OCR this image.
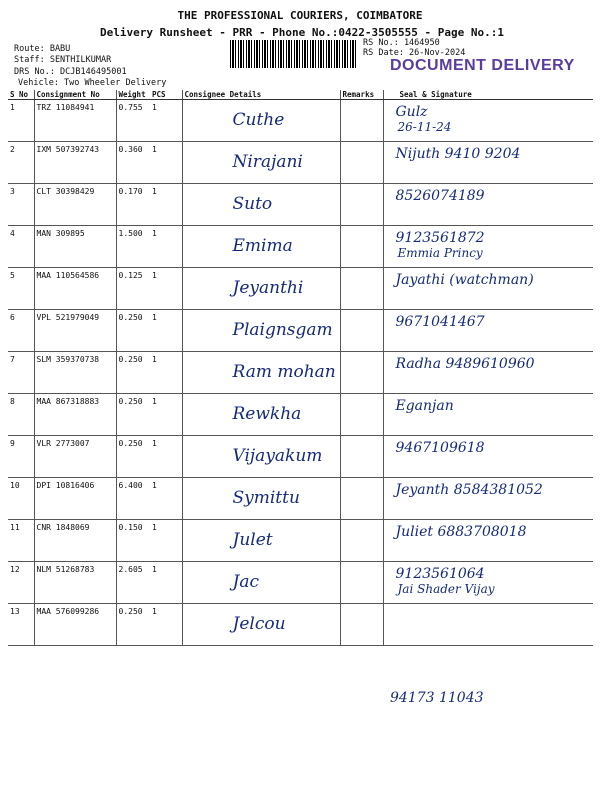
THE PROFESSIONAL COURIERS, COIMBATORE
Delivery Runsheet - PRR - Phone No.:0422-3505555 - Page No.:1
Route: BABU
Staff: SENTHILKUMAR
DRS No.: DCJB146495001
Vehicle: Two Wheeler Delivery
RS No.: 1464950
RS Date: 26-Nov-2024
DOCUMENT DELIVERY
S No	Consignment No	Weight	PCS	Consignee Details	Remarks	Seal & Signature
1	TRZ 11084941	0.755	1	Cuthe		Gulz
26-11-24

2	IXM 507392743	0.360	1	Nirajani		Nijuth 9410 9204

3	CLT 30398429	0.170	1	Suto		8526074189

4	MAN 309895	1.500	1	Emima		9123561872
Emmia Princy

5	MAA 110564586	0.125	1	Jeyanthi		Jayathi (watchman)

6	VPL 521979049	0.250	1	Plaignsgam		9671041467

7	SLM 359370738	0.250	1	Ram mohan		Radha 9489610960

8	MAA 867318883	0.250	1	Rewkha		Eganjan

9	VLR 2773007	0.250	1	Vijayakum		9467109618

10	DPI 10816406	6.400	1	Symittu		Jeyanth 8584381052

11	CNR 1848069	0.150	1	Julet		Juliet 6883708018

12	NLM 51268783	2.605	1	Jac		9123561064
Jai Shader Vijay

13	MAA 576099286	0.250	1	Jelcou		

94173 11043
